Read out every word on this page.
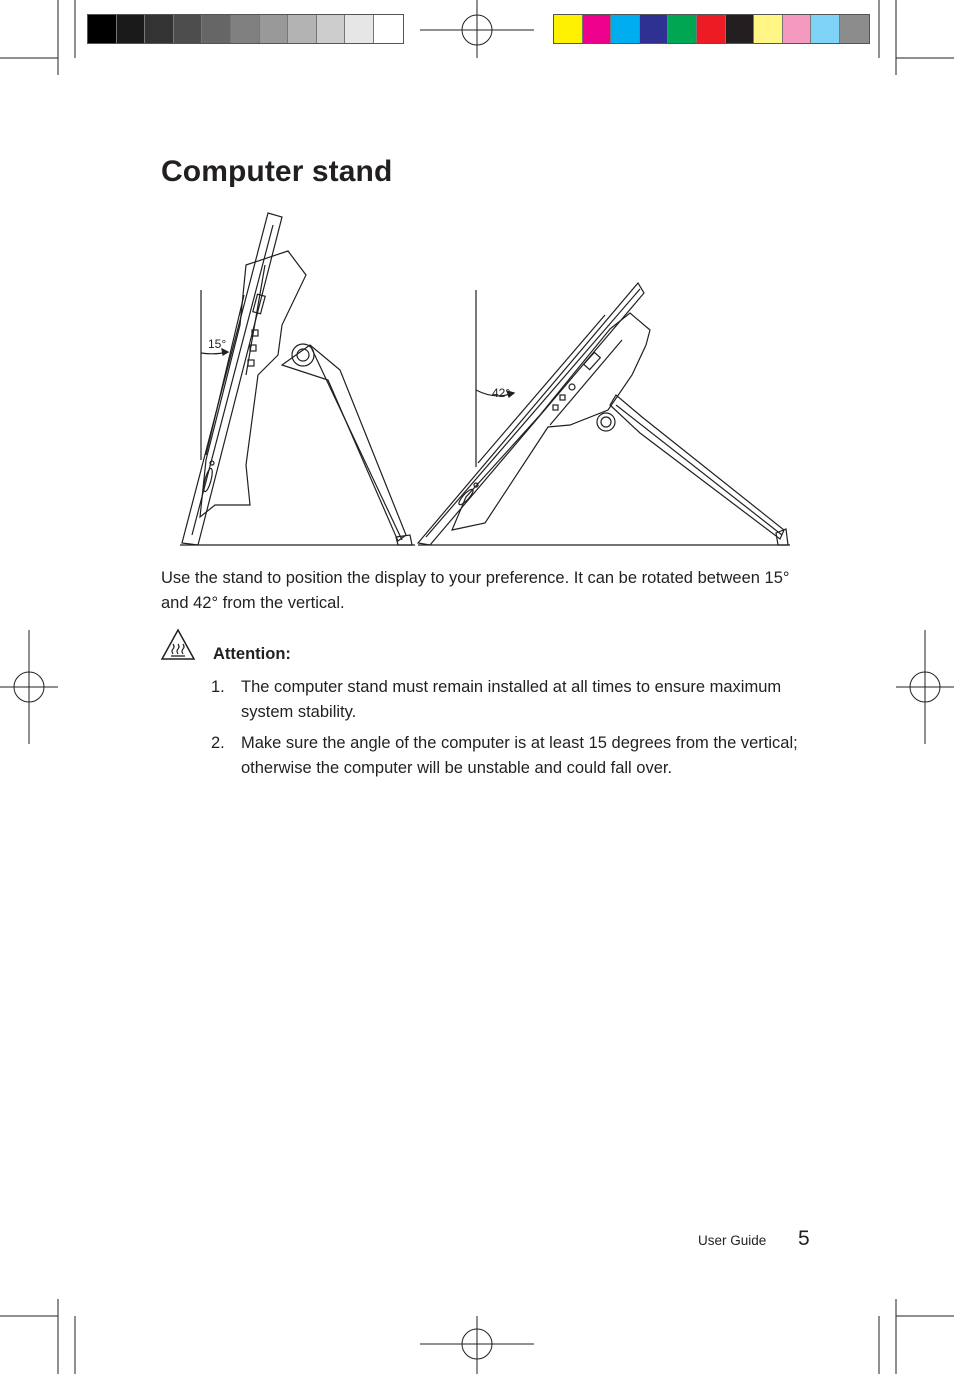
Computer stand
15°
42°
Use the stand to position the display to your preference. It can be rotated between 15° and 42° from the vertical.
Attention:
1. The computer stand must remain installed at all times to ensure maximum system stability.
2. Make sure the angle of the computer is at least 15 degrees from the vertical; otherwise the computer will be unstable and could fall over.
User Guide 5
